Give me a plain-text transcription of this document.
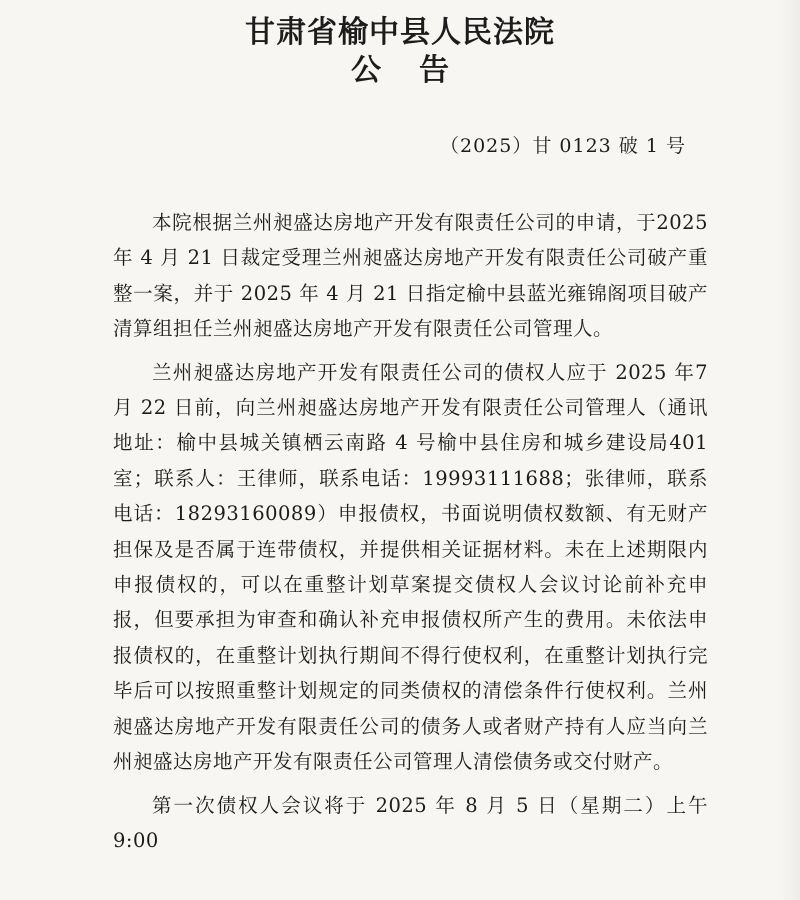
甘肃省榆中县人民法院
公告
（2025）甘 0123 破 1 号

本院根据兰州昶盛达房地产开发有限责任公司的申请，于2025 年 4 月 21 日裁定受理兰州昶盛达房地产开发有限责任公司破产重整一案，并于 2025 年 4 月 21 日指定榆中县蓝光雍锦阁项目破产清算组担任兰州昶盛达房地产开发有限责任公司管理人。

兰州昶盛达房地产开发有限责任公司的债权人应于 2025 年7 月 22 日前，向兰州昶盛达房地产开发有限责任公司管理人（通讯地址：榆中县城关镇栖云南路 4 号榆中县住房和城乡建设局401 室；联系人：王律师，联系电话：19993111688；张律师，联系电话：18293160089）申报债权，书面说明债权数额、有无财产担保及是否属于连带债权，并提供相关证据材料。未在上述期限内申报债权的，可以在重整计划草案提交债权人会议讨论前补充申报，但要承担为审查和确认补充申报债权所产生的费用。未依法申报债权的，在重整计划执行期间不得行使权利，在重整计划执行完毕后可以按照重整计划规定的同类债权的清偿条件行使权利。兰州昶盛达房地产开发有限责任公司的债务人或者财产持有人应当向兰州昶盛达房地产开发有限责任公司管理人清偿债务或交付财产。

第一次债权人会议将于 2025 年 8 月 5 日（星期二）上午 9:00
